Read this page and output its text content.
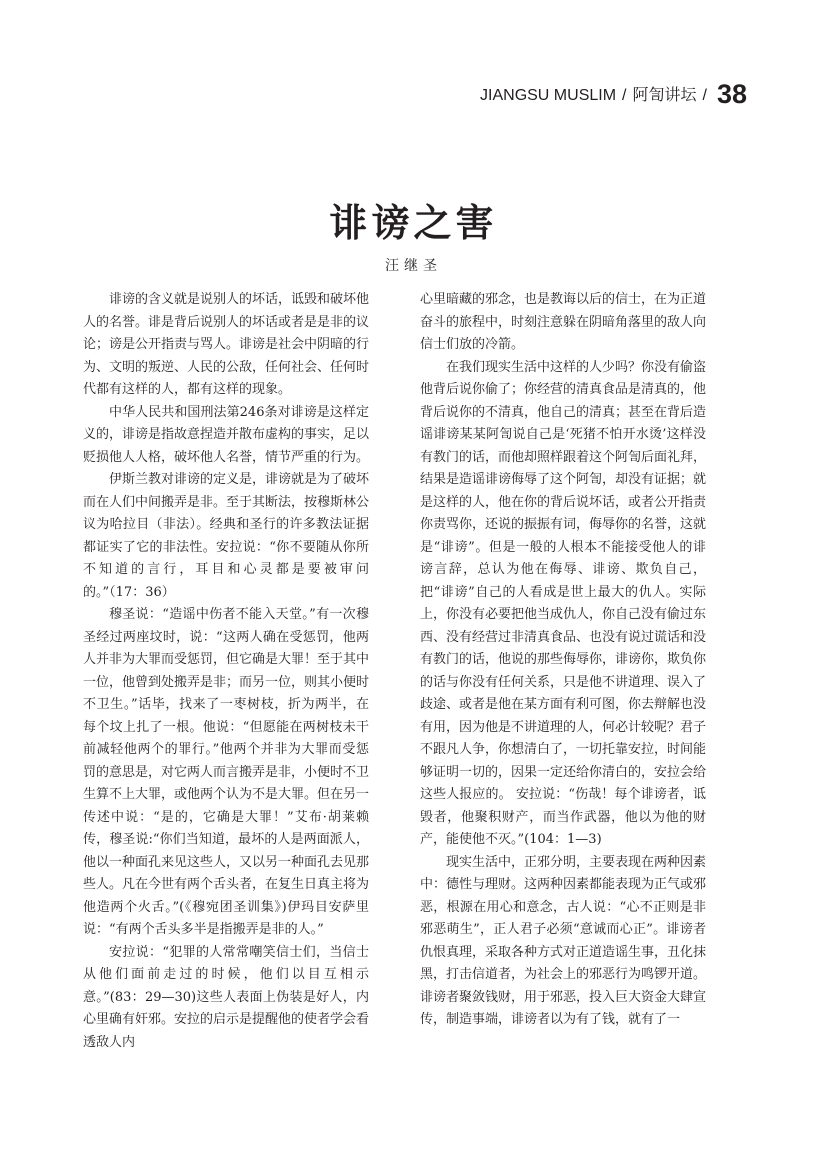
JIANGSU MUSLIM / 阿訇讲坛 / 38
诽谤之害
汪继圣

诽谤的含义就是说别人的坏话，诋毁和破坏他人的名誉。诽是背后说别人的坏话或者是是非的议论；谤是公开指责与骂人。诽谤是社会中阴暗的行为、文明的叛逆、人民的公敌，任何社会、任何时代都有这样的人，都有这样的现象。

中华人民共和国刑法第246条对诽谤是这样定义的，诽谤是指故意捏造并散布虚构的事实，足以贬损他人人格，破坏他人名誉，情节严重的行为。

伊斯兰教对诽谤的定义是，诽谤就是为了破坏而在人们中间搬弄是非。至于其断法，按穆斯林公议为哈拉目（非法）。经典和圣行的许多教法证据都证实了它的非法性。安拉说：“你不要随从你所不知道的言行，耳目和心灵都是要被审问的。”（17：36）

穆圣说：“造谣中伤者不能入天堂。”有一次穆圣经过两座坟时，说：“这两人确在受惩罚，他两人并非为大罪而受惩罚，但它确是大罪！至于其中一位，他曾到处搬弄是非；而另一位，则其小便时不卫生。”话毕，找来了一枣树枝，折为两半，在每个坟上扎了一根。他说：“但愿能在两树枝未干前减轻他两个的罪行。”他两个并非为大罪而受惩罚的意思是，对它两人而言搬弄是非，小便时不卫生算不上大罪，或他两个认为不是大罪。但在另一传述中说：“是的，它确是大罪！”艾布·胡莱赖传，穆圣说:“你们当知道，最坏的人是两面派人，他以一种面孔来见这些人，又以另一种面孔去见那些人。凡在今世有两个舌头者，在复生日真主将为他造两个火舌。”(《穆宛团圣训集》)伊玛目安萨里说：“有两个舌头多半是指搬弄是非的人。”

安拉说：“犯罪的人常常嘲笑信士们，当信士从他们面前走过的时候，他们以目互相示意。”(83：29—30)这些人表面上伪装是好人，内心里确有奸邪。安拉的启示是提醒他的使者学会看透敌人内

心里暗藏的邪念，也是教诲以后的信士，在为正道奋斗的旅程中，时刻注意躲在阴暗角落里的敌人向信士们放的冷箭。

在我们现实生活中这样的人少吗？你没有偷盗他背后说你偷了；你经营的清真食品是清真的，他背后说你的不清真，他自己的清真；甚至在背后造谣诽谤某某阿訇说自己是‘死猪不怕开水烫’这样没有教门的话，而他却照样跟着这个阿訇后面礼拜，结果是造谣诽谤侮辱了这个阿訇，却没有证据；就是这样的人，他在你的背后说坏话，或者公开指责你责骂你，还说的振振有词，侮辱你的名誉，这就是“诽谤”。但是一般的人根本不能接受他人的诽谤言辞，总认为他在侮辱、诽谤、欺负自己，把“诽谤”自己的人看成是世上最大的仇人。实际上，你没有必要把他当成仇人，你自己没有偷过东西、没有经营过非清真食品、也没有说过谎话和没有教门的话，他说的那些侮辱你，诽谤你，欺负你的话与你没有任何关系，只是他不讲道理、误入了歧途、或者是他在某方面有利可图，你去辩解也没有用，因为他是不讲道理的人，何必计较呢？君子不跟凡人争，你想清白了，一切托靠安拉，时间能够证明一切的，因果一定还给你清白的，安拉会给这些人报应的。 安拉说：“伤哉！每个诽谤者，诋毁者，他聚积财产，而当作武器，他以为他的财产，能使他不灭。”(104：1—3)

现实生活中，正邪分明，主要表现在两种因素中：德性与理财。这两种因素都能表现为正气或邪恶，根源在用心和意念，古人说：“心不正则是非邪恶萌生”，正人君子必须“意诚而心正”。诽谤者仇恨真理，采取各种方式对正道造谣生事，丑化抹黑，打击信道者，为社会上的邪恶行为鸣锣开道。诽谤者聚敛钱财，用于邪恶，投入巨大资金大肆宣传，制造事端，诽谤者以为有了钱，就有了一
